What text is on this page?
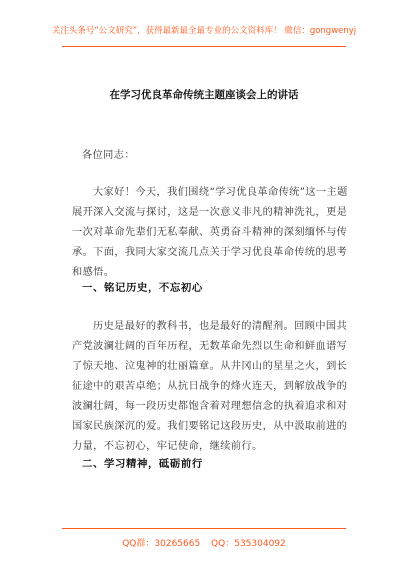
关注头条号“公文研究”，获得最新最全最专业的公文资料库！ 微信：gongwenyj
在学习优良革命传统主题座谈会上的讲话
各位同志：
大家好！今天，我们围绕“学习优良革命传统”这一主题展开深入交流与探讨，这是一次意义非凡的精神洗礼，更是一次对革命先辈们无私奉献、英勇奋斗精神的深刻缅怀与传承。下面，我同大家交流几点关于学习优良革命传统的思考和感悟。
一、铭记历史，不忘初心
历史是最好的教科书，也是最好的清醒剂。回顾中国共产党波澜壮阔的百年历程，无数革命先烈以生命和鲜血谱写了惊天地、泣鬼神的壮丽篇章。从井冈山的星星之火，到长征途中的艰苦卓绝；从抗日战争的烽火连天，到解放战争的波澜壮阔，每一段历史都饱含着对理想信念的执着追求和对国家民族深沉的爱。我们要铭记这段历史，从中汲取前进的力量，不忘初心，牢记使命，继续前行。
二、学习精神，砥砺前行
QQ群：30265665 QQ：535304092
